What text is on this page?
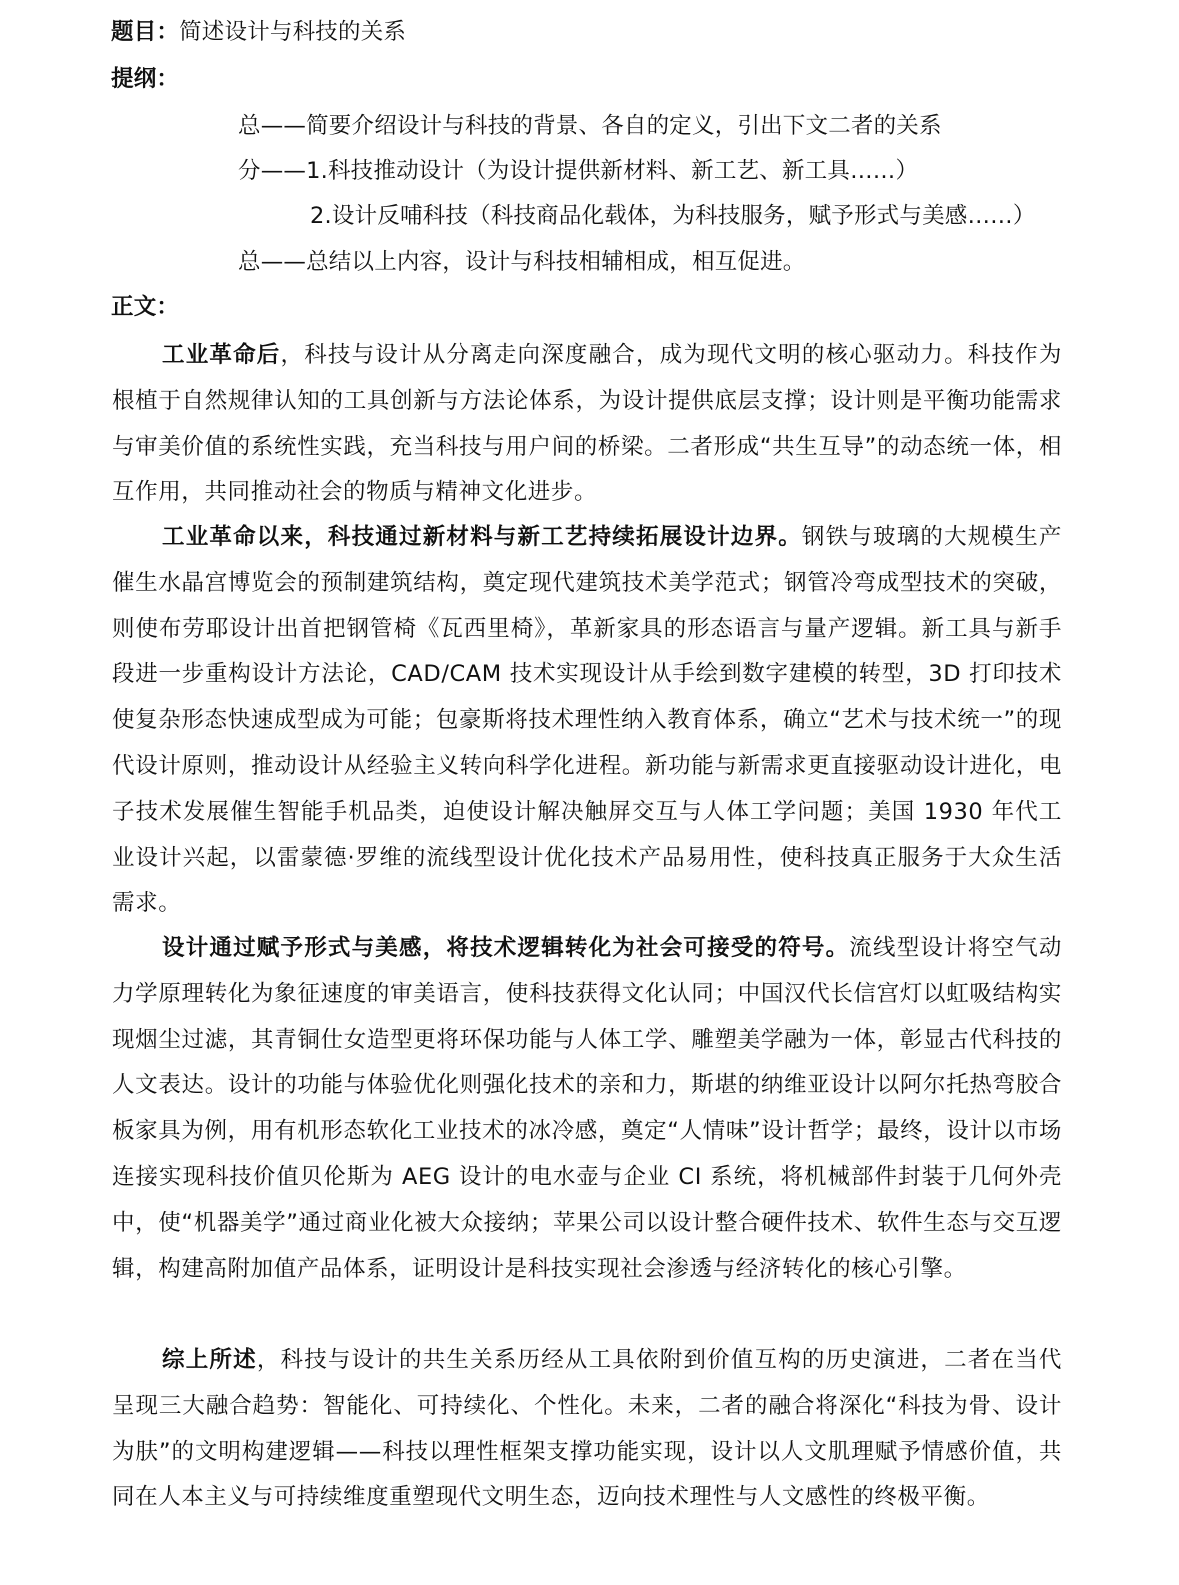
题目：简述设计与科技的关系
提纲：
总——简要介绍设计与科技的背景、各自的定义，引出下文二者的关系
分——1.科技推动设计（为设计提供新材料、新工艺、新工具……）
2.设计反哺科技（科技商品化载体，为科技服务，赋予形式与美感……）
总——总结以上内容，设计与科技相辅相成，相互促进。
正文：

工业革命后，科技与设计从分离走向深度融合，成为现代文明的核心驱动力。科技作为根植于自然规律认知的工具创新与方法论体系，为设计提供底层支撑；设计则是平衡功能需求与审美价值的系统性实践，充当科技与用户间的桥梁。二者形成“共生互导”的动态统一体，相互作用，共同推动社会的物质与精神文化进步。

工业革命以来，科技通过新材料与新工艺持续拓展设计边界。钢铁与玻璃的大规模生产催生水晶宫博览会的预制建筑结构，奠定现代建筑技术美学范式；钢管冷弯成型技术的突破，则使布劳耶设计出首把钢管椅《瓦西里椅》，革新家具的形态语言与量产逻辑。新工具与新手段进一步重构设计方法论，CAD/CAM 技术实现设计从手绘到数字建模的转型，3D 打印技术使复杂形态快速成型成为可能；包豪斯将技术理性纳入教育体系，确立“艺术与技术统一”的现代设计原则，推动设计从经验主义转向科学化进程。新功能与新需求更直接驱动设计进化，电子技术发展催生智能手机品类，迫使设计解决触屏交互与人体工学问题；美国 1930 年代工业设计兴起，以雷蒙德·罗维的流线型设计优化技术产品易用性，使科技真正服务于大众生活需求。

设计通过赋予形式与美感，将技术逻辑转化为社会可接受的符号。流线型设计将空气动力学原理转化为象征速度的审美语言，使科技获得文化认同；中国汉代长信宫灯以虹吸结构实现烟尘过滤，其青铜仕女造型更将环保功能与人体工学、雕塑美学融为一体，彰显古代科技的人文表达。设计的功能与体验优化则强化技术的亲和力，斯堪的纳维亚设计以阿尔托热弯胶合板家具为例，用有机形态软化工业技术的冰冷感，奠定“人情味”设计哲学；最终，设计以市场连接实现科技价值贝伦斯为 AEG 设计的电水壶与企业 CI 系统，将机械部件封装于几何外壳中，使“机器美学”通过商业化被大众接纳；苹果公司以设计整合硬件技术、软件生态与交互逻辑，构建高附加值产品体系，证明设计是科技实现社会渗透与经济转化的核心引擎。

综上所述，科技与设计的共生关系历经从工具依附到价值互构的历史演进，二者在当代呈现三大融合趋势：智能化、可持续化、个性化。未来，二者的融合将深化“科技为骨、设计为肤”的文明构建逻辑——科技以理性框架支撑功能实现，设计以人文肌理赋予情感价值，共同在人本主义与可持续维度重塑现代文明生态，迈向技术理性与人文感性的终极平衡。
